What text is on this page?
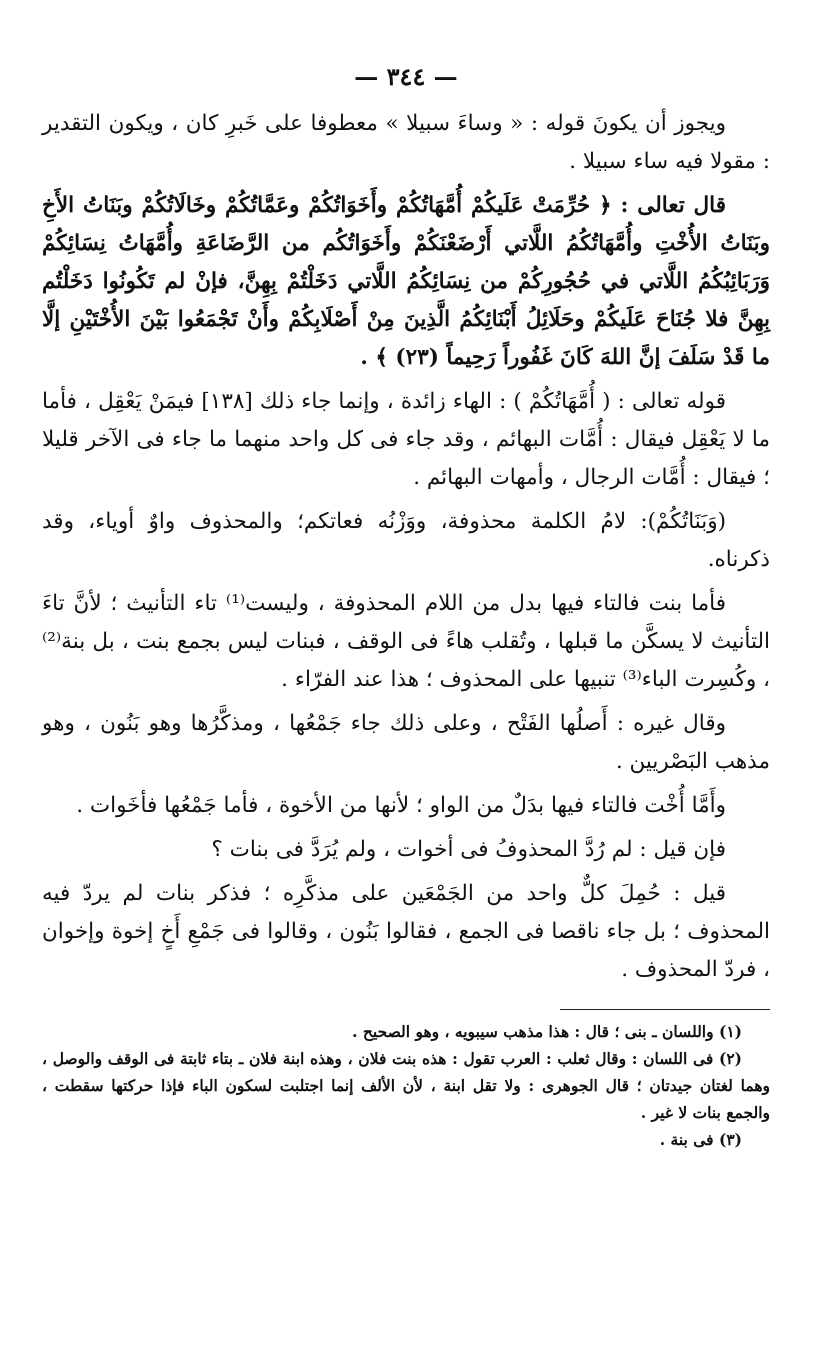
— ٣٤٤ —

ويجوز أن يكونَ قوله : « وساءَ سبيلا » معطوفا على خَبرِ كان ، ويكون التقدير : مقولا فيه ساء سبيلا .

قال تعالى : ﴿ حُرِّمَتْ عَلَيكُمْ أُمَّهَاتُكُمْ وأَخَوَاتُكُمْ وعَمَّاتُكُمْ وخَالَاتُكُمْ وبَنَاتُ الأَخِ وبَنَاتُ الأُخْتِ وأُمَّهَاتُكُمُ اللَّاتي أَرْضَعْنَكُمْ وأَخَوَاتُكُم من الرَّضَاعَةِ وأُمَّهَاتُ نِسَائِكُمْ وَرَبَائِبُكُمُ اللَّاتي في حُجُورِكُمْ من نِسَائِكُمُ اللَّاتي دَخَلْتُمْ بِهِنَّ، فإنْ لم تَكُونُوا دَخَلْتُم بِهِنَّ فلا جُنَاحَ عَلَيكُمْ وحَلَائِلُ أَبْنَائِكُمُ الَّذِينَ مِنْ أَصْلَابِكُمْ وأَنْ تَجْمَعُوا بَيْنَ الأُخْتَيْنِ إلَّا ما قَدْ سَلَفَ إنَّ اللهَ كَانَ غَفُوراً رَحِيماً (٢٣) ﴾ .

قوله تعالى : ( أُمَّهَاتُكُمْ ) : الهاء زائدة ، وإنما جاء ذلك [١٣٨] فيمَنْ يَعْقِل ، فأما ما لا يَعْقِل فيقال : أُمَّات البهائم ، وقد جاء فى كل واحد منهما ما جاء فى الآخر قليلا ؛ فيقال : أُمَّات الرجال ، وأمهات البهائم .

(وَبَنَاتُكُمْ): لامُ الكلمة محذوفة، ووَزْنُه فعاتكم؛ والمحذوف واوٌ أوياء، وقد ذكرناه.

فأما بنت فالتاء فيها بدل من اللام المحذوفة ، وليست⁽¹⁾ تاء التأنيث ؛ لأنَّ تاءَ التأنيث لا يسكَّن ما قبلها ، وتُقلب هاءً فى الوقف ، فبنات ليس بجمع بنت ، بل بنة⁽²⁾ ، وكُسِرت الباء⁽³⁾ تنبيها على المحذوف ؛ هذا عند الفرّاء .

وقال غيره : أَصلُها الفَتْح ، وعلى ذلك جاء جَمْعُها ، ومذكَّرُها وهو بَنُون ، وهو مذهب البَصْريين .

وأَمَّا أُخْت فالتاء فيها بدَلٌ من الواو ؛ لأنها من الأخوة ، فأما جَمْعُها فأخَوات .

فإن قيل : لم رُدَّ المحذوفُ فى أخوات ، ولم يُرَدَّ فى بنات ؟

قيل : حُمِلَ كلٌّ واحد من الجَمْعَين على مذكَّرِه ؛ فذكر بنات لم يردّ فيه المحذوف ؛ بل جاء ناقصا فى الجمع ، فقالوا بَنُون ، وقالوا فى جَمْعِ أَخٍ إخوة وإخوان ، فردّ المحذوف .

(١) واللسان ـ بنى ؛ قال : هذا مذهب سيبويه ، وهو الصحيح .

(٢) فى اللسان : وقال ثعلب : العرب تقول : هذه بنت فلان ، وهذه ابنة فلان ـ بتاء ثابتة فى الوقف والوصل ، وهما لغتان جيدتان ؛ قال الجوهرى : ولا تقل ابنة ، لأن الألف إنما اجتلبت لسكون الباء فإذا حركتها سقطت ، والجمع بنات لا غير .

(٣) فى بنة .
